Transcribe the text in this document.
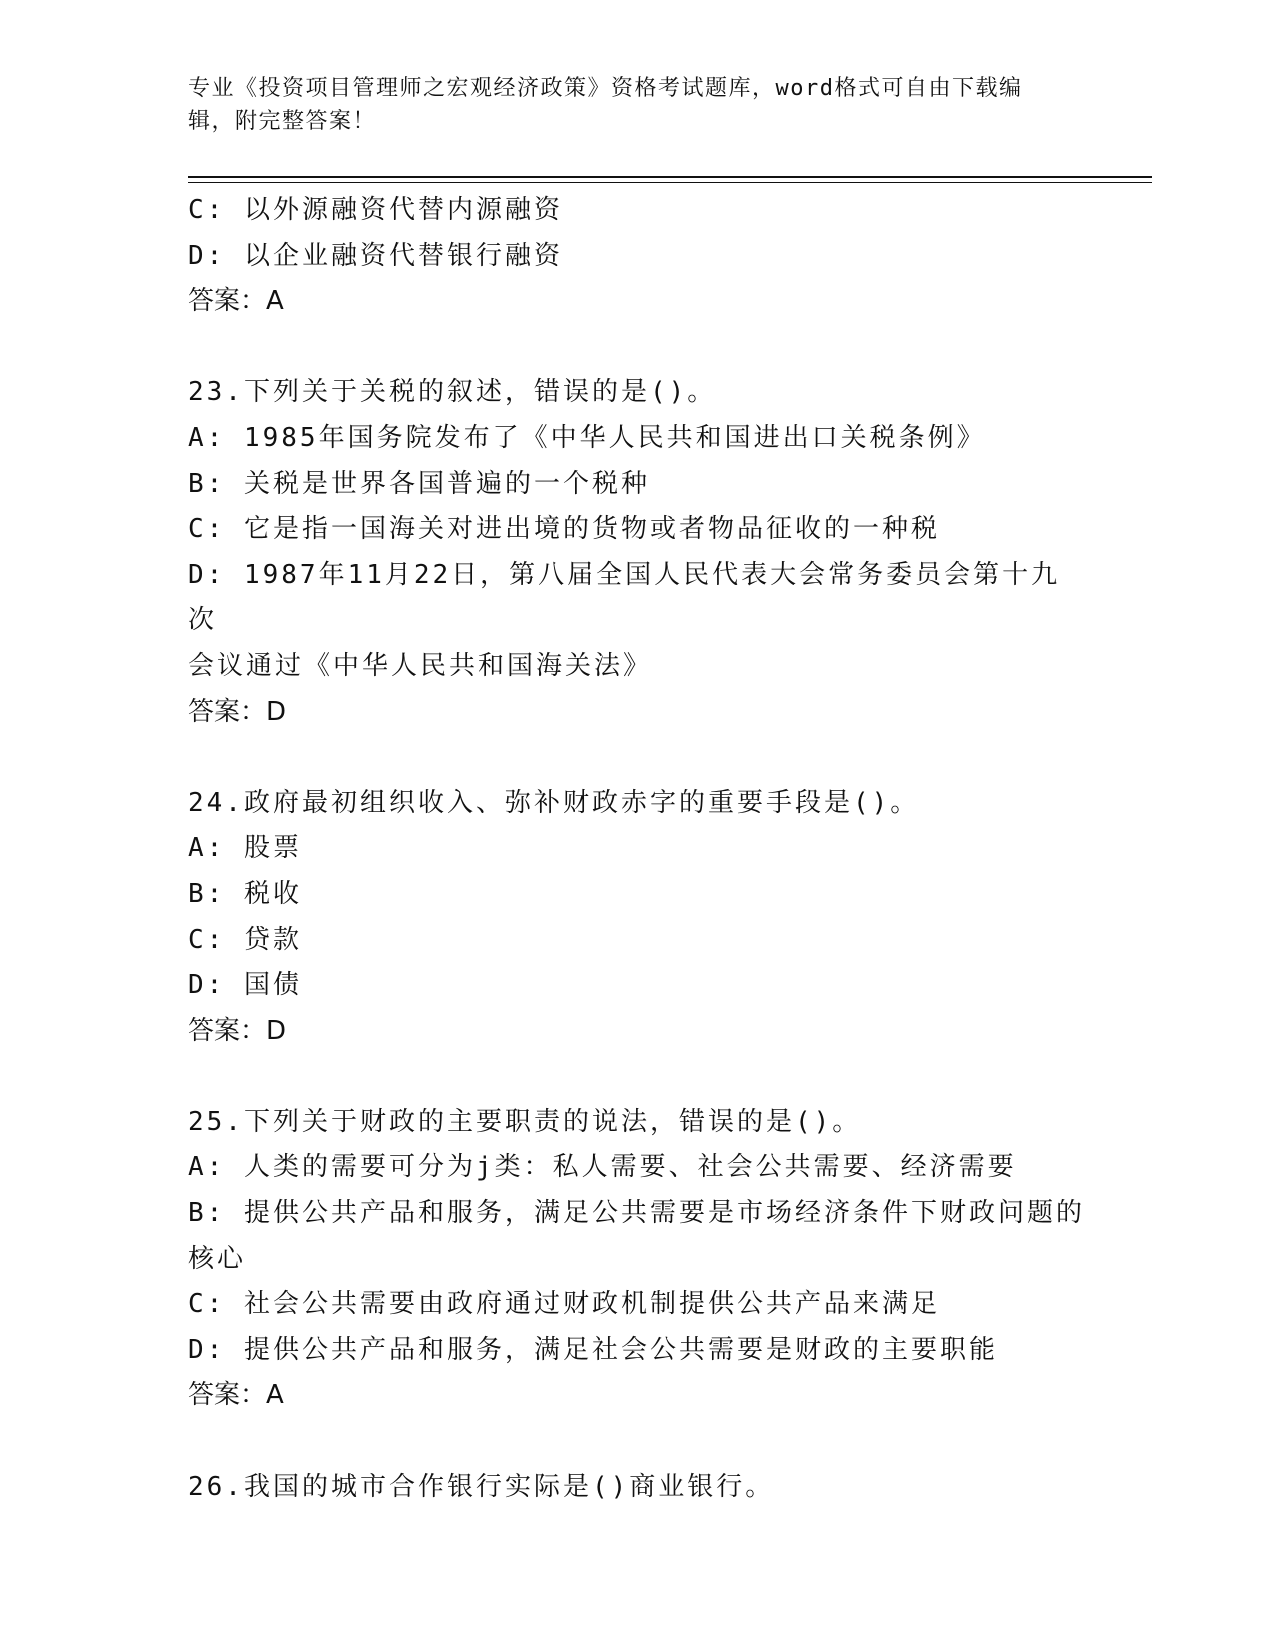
专业《投资项目管理师之宏观经济政策》资格考试题库，word格式可自由下载编
辑，附完整答案！
C: 以外源融资代替内源融资
D: 以企业融资代替银行融资
答案：A
23.下列关于关税的叙述，错误的是()。
A: 1985年国务院发布了《中华人民共和国进出口关税条例》
B: 关税是世界各国普遍的一个税种
C: 它是指一国海关对进出境的货物或者物品征收的一种税
D: 1987年11月22日，第八届全国人民代表大会常务委员会第十九次
会议通过《中华人民共和国海关法》
答案：D
24.政府最初组织收入、弥补财政赤字的重要手段是()。
A: 股票
B: 税收
C: 贷款
D: 国债
答案：D
25.下列关于财政的主要职责的说法，错误的是()。
A: 人类的需要可分为j类：私人需要、社会公共需要、经济需要
B: 提供公共产品和服务，满足公共需要是市场经济条件下财政问题的
核心
C: 社会公共需要由政府通过财政机制提供公共产品来满足
D: 提供公共产品和服务，满足社会公共需要是财政的主要职能
答案：A
26.我国的城市合作银行实际是()商业银行。
